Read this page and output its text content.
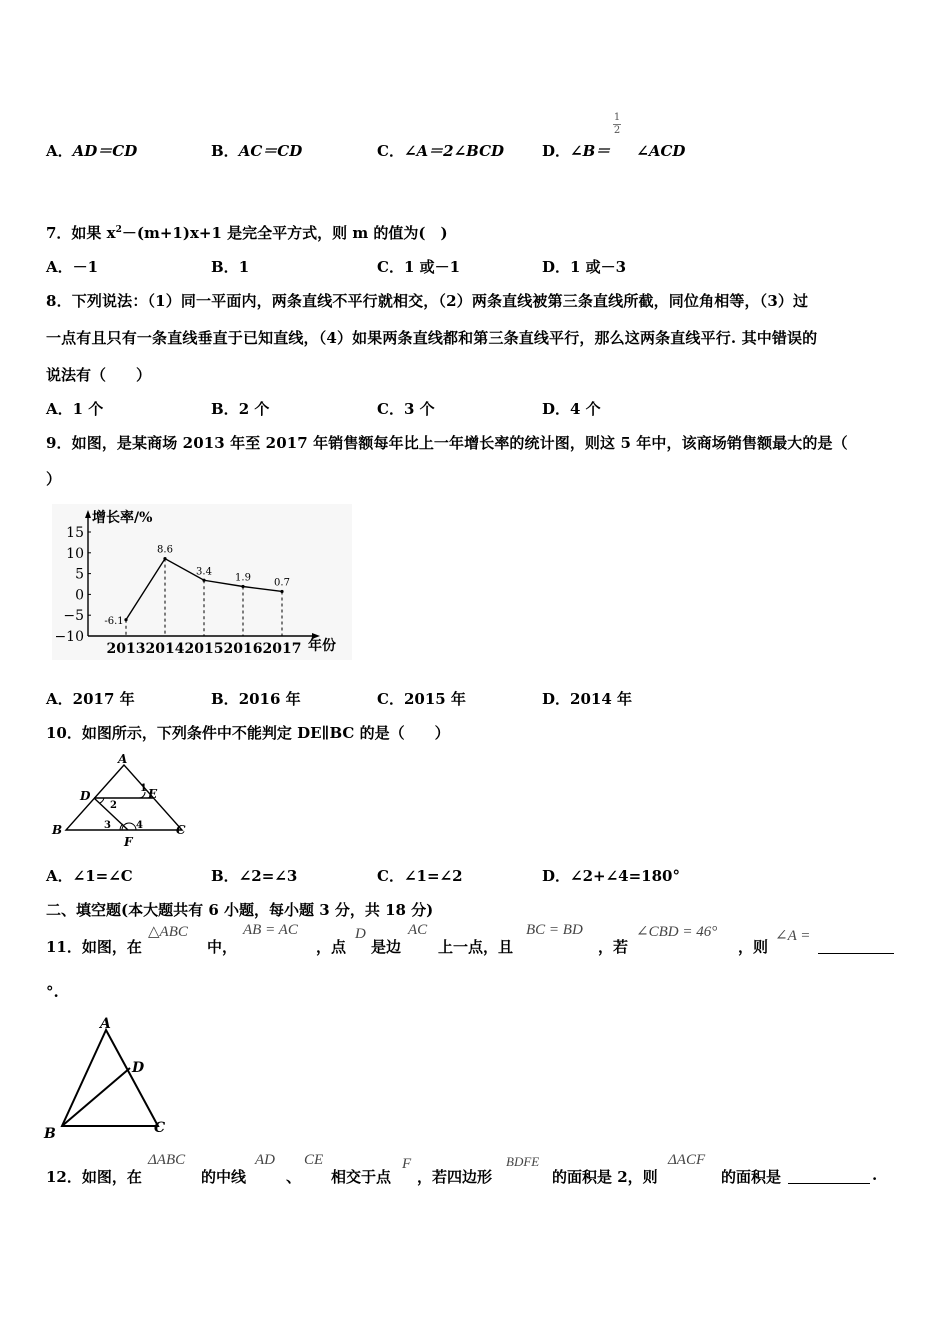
A．AD＝CD	B．AC＝CD	C．∠A＝2∠BCD	D．∠B＝ ∠ACD
1
2
7．如果 $x^2-(m+1)x+1$ 是完全平方式，则 m 的值为(　)
A．－1	B．1	C．1 或－1	D．1 或－3
8．下列说法：（1）同一平面内，两条直线不平行就相交，（2）两条直线被第三条直线所截，同位角相等，（3）过
一点有且只有一条直线垂直于已知直线，（4）如果两条直线都和第三条直线平行，那么这两条直线平行. 其中错误的
说法有（　　）
A．1 个	B．2 个	C．3 个	D．4 个
9．如图，是某商场 2013 年至 2017 年销售额每年比上一年增长率的统计图，则这 5 年中，该商场销售额最大的是（
）
15
10
5
0
−5
−10
2013 2014 2015 2016 2017
-6.1
8.6
3.4
1.9 0.7
增长率/%
年份
A．2017 年	B．2016 年	C．2015 年	D．2014 年
10．如图所示，下列条件中不能判定 DE∥BC 的是（　　）
A
B	C
D	E
F
1
2
3	4
A．∠1=∠C	B．∠2=∠3	C．∠1=∠2	D．∠2+∠4=180°
二、填空题(本大题共有 6 小题，每小题 3 分，共 18 分)
11．如图，在
△ABC
中，
AB = AC
，点
D
是边
AC
上一点，且
BC = BD
，若
∠CBD = 46°
，则
∠A =
°.
A
B	C
D
12．如图，在
ΔABC
的中线
AD
、
CE
相交于点
F
，若四边形
BDFE
的面积是 2，则
ΔACF
的面积是	.
